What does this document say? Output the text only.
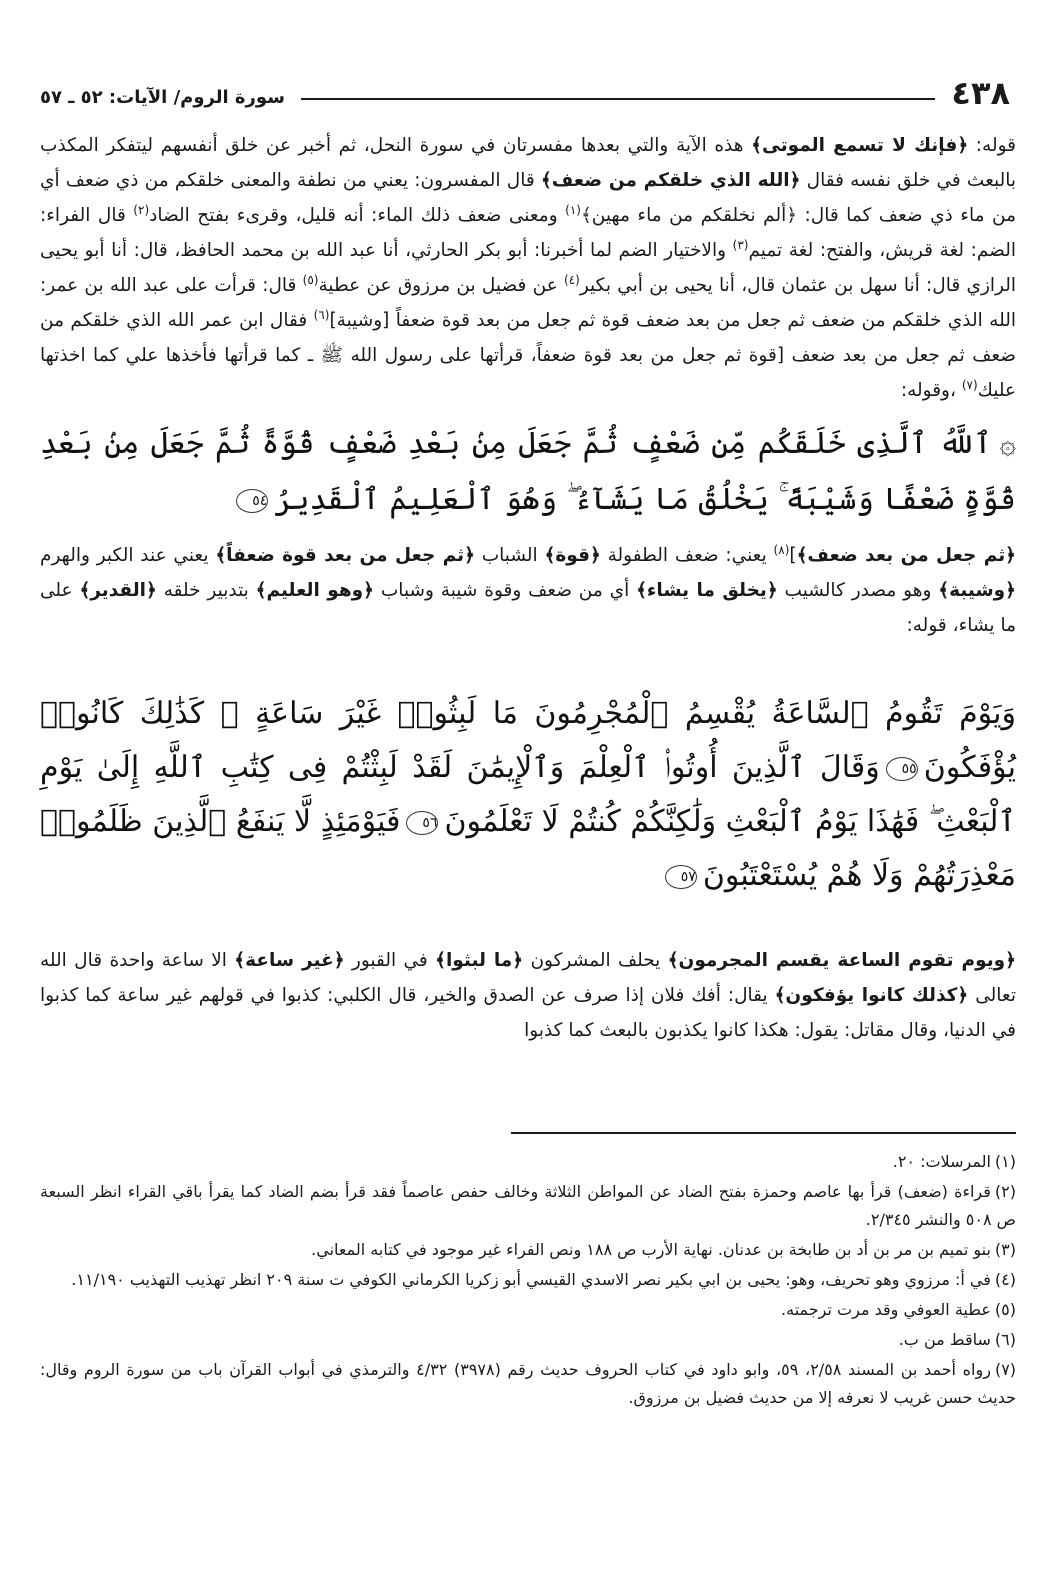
٤٣٨
سورة الروم/ الآيات: ٥٢ ـ ٥٧

قوله: ﴿فإنك لا تسمع الموتى﴾ هذه الآية والتي بعدها مفسرتان في سورة النحل، ثم أخبر عن خلق أنفسهم ليتفكر المكذب بالبعث في خلق نفسه فقال ﴿الله الذي خلقكم من ضعف﴾ قال المفسرون: يعني من نطفة والمعنى خلقكم من ذي ضعف أي من ماء ذي ضعف كما قال: ﴿ألم نخلقكم من ماء مهين﴾$^{(١)}$ ومعنى ضعف ذلك الماء: أنه قليل، وقرىء بفتح الضاد$^{(٢)}$ قال الفراء: الضم: لغة قريش، والفتح: لغة تميم$^{(٣)}$ والاختيار الضم لما أخبرنا: أبو بكر الحارثي، أنا عبد الله بن محمد الحافظ، قال: أنا أبو يحيى الرازي قال: أنا سهل بن عثمان قال، أنا يحيى بن أبي بكير$^{(٤)}$ عن فضيل بن مرزوق عن عطية$^{(٥)}$ قال: قرأت على عبد الله بن عمر: الله الذي خلقكم من ضعف ثم جعل من بعد ضعف قوة ثم جعل من بعد قوة ضعفاً [وشيبة]$^{(٦)}$ فقال ابن عمر الله الذي خلقكم من ضعف ثم جعل من بعد ضعف [قوة ثم جعل من بعد قوة ضعفاً، قرأتها على رسول الله ﷺ ـ كما قرأتها فأخذها علي كما اخذتها عليك$^{(٧)}$ ،وقوله:

۞ٱللَّهُ ٱلَّذِى خَلَقَكُم مِّن ضَعْفٍ ثُمَّ جَعَلَ مِنۢ بَعْدِ ضَعْفٍ قُوَّةً ثُمَّ جَعَلَ مِنۢ بَعْدِ قُوَّةٍ ضَعْفًا وَشَيْبَةً ۚ يَخْلُقُ مَا يَشَآءُ ۖ وَهُوَ ٱلْعَلِيمُ ٱلْقَدِيرُ٥٤

﴿ثم جعل من بعد ضعف﴾]$^{(٨)}$ يعني: ضعف الطفولة ﴿قوة﴾ الشباب ﴿ثم جعل من بعد قوة ضعفاً﴾ يعني عند الكبر والهرم ﴿وشيبة﴾ وهو مصدر كالشيب ﴿يخلق ما يشاء﴾ أي من ضعف وقوة شيبة وشباب ﴿وهو العليم﴾ بتدبير خلقه ﴿القدير﴾ على ما يشاء، قوله:

وَيَوْمَ تَقُومُ ٱلسَّاعَةُ يُقْسِمُ ٱلْمُجْرِمُونَ مَا لَبِثُوا۟ غَيْرَ سَاعَةٍ ۚ كَذَٰلِكَ كَانُوا۟ يُؤْفَكُونَ٥٥وَقَالَ ٱلَّذِينَ أُوتُوا۟ ٱلْعِلْمَ وَٱلْإِيمَٰنَ لَقَدْ لَبِثْتُمْ فِى كِتَٰبِ ٱللَّهِ إِلَىٰ يَوْمِ ٱلْبَعْثِ ۖ فَهَٰذَا يَوْمُ ٱلْبَعْثِ وَلَٰكِنَّكُمْ كُنتُمْ لَا تَعْلَمُونَ٥٦فَيَوْمَئِذٍ لَّا يَنفَعُ ٱلَّذِينَ ظَلَمُوا۟ مَعْذِرَتُهُمْ وَلَا هُمْ يُسْتَعْتَبُونَ٥٧

﴿ويوم تقوم الساعة يقسم المجرمون﴾ يحلف المشركون ﴿ما لبثوا﴾ في القبور ﴿غير ساعة﴾ الا ساعة واحدة قال الله تعالى ﴿كذلك كانوا يؤفكون﴾ يقال: أفك فلان إذا صرف عن الصدق والخير، قال الكلبي: كذبوا في قولهم غير ساعة كما كذبوا في الدنيا، وقال مقاتل: يقول: هكذا كانوا يكذبون بالبعث كما كذبوا

(١)المرسلات: ٢٠.

(٢)قراءة (ضعف) قرأ بها عاصم وحمزة بفتح الضاد عن المواطن الثلاثة وخالف حفص عاصماً فقد قرأ بضم الضاد كما يقرأ باقي القراء انظر السبعة ص ٥٠٨ والنشر ٢/٣٤٥.

(٣)بنو تميم بن مر بن أد بن طابخة بن عدنان. نهاية الأرب ص ١٨٨ ونص الفراء غير موجود في كتابه المعاني.

(٤)في أ: مرزوي وهو تحريف، وهو: يحيى بن ابي بكير نصر الاسدي القيسي أبو زكريا الكرماني الكوفي ت سنة ٢٠٩ انظر تهذيب التهذيب ١١/١٩٠.

(٥)عطية العوفي وقد مرت ترجمته.

(٦)ساقط من ب.

(٧)رواه أحمد بن المسند ٢/٥٨، ٥٩، وابو داود في كتاب الحروف حديث رقم (٣٩٧٨) ٤/٣٢ والترمذي في أبواب القرآن باب من سورة الروم وقال: حديث حسن غريب لا نعرفه إلا من حديث فضيل بن مرزوق.
